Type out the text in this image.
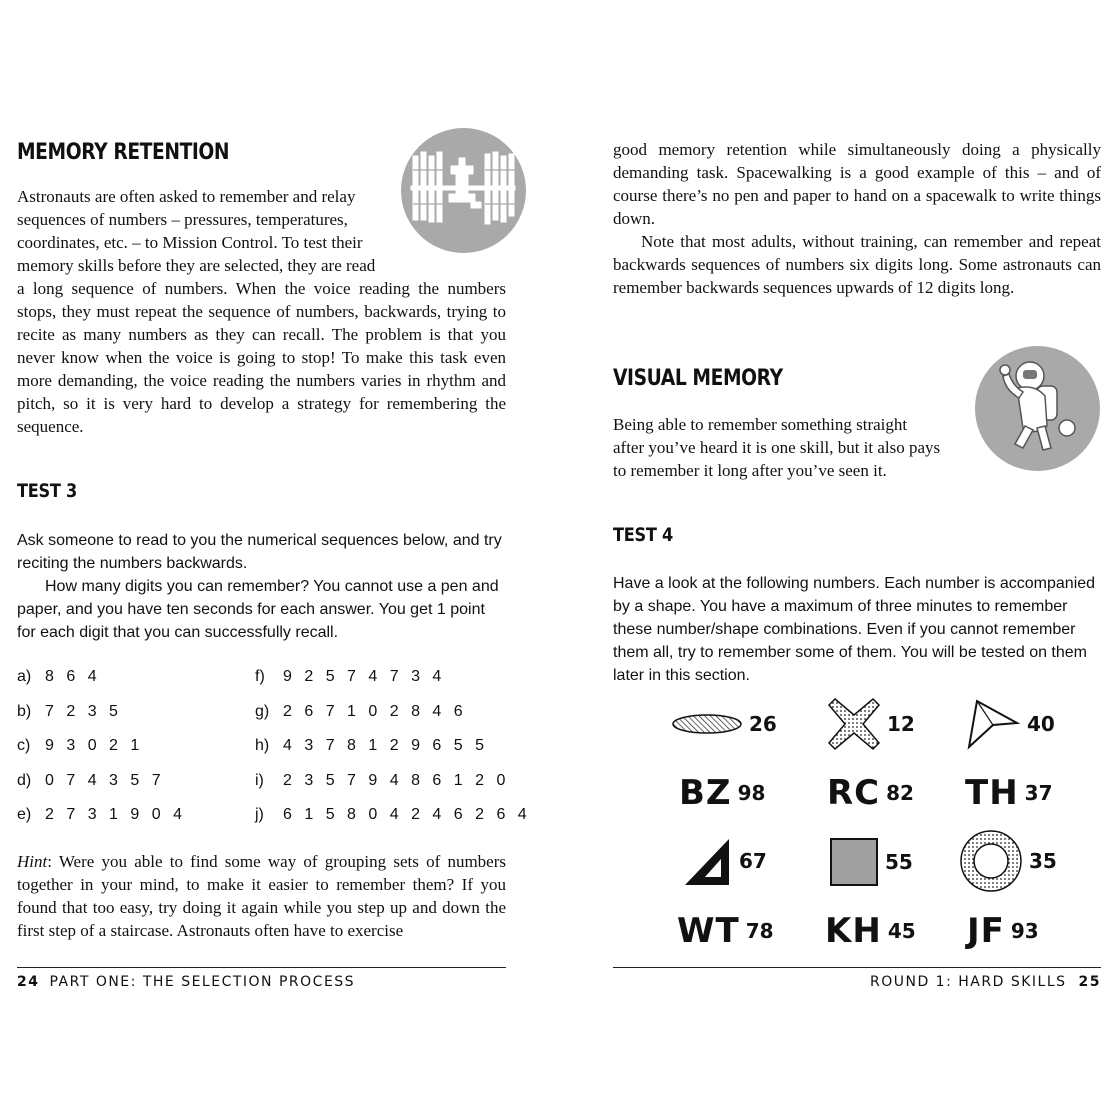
MEMORY RETENTION

Astronauts are often asked to remember and relay

sequences of numbers – pressures, temperatures,

coordinates, etc. – to Mission Control. To test their

memory skills before they are selected, they are read

a long sequence of numbers. When the voice reading the numbers stops, they must repeat the sequence of numbers, backwards, trying to recite as many numbers as they can recall. The problem is that you never know when the voice is going to stop! To make this task even more demanding, the voice reading the numbers varies in rhythm and pitch, so it is very hard to develop a strategy for remembering the sequence.

TEST 3

Ask someone to read to you the numerical sequences below, and try reciting the numbers backwards.

How many digits you can remember? You cannot use a pen and paper, and you have ten seconds for each answer. You get 1 point for each digit that you can successfully recall.

a) 8 6 4
b) 7 2 3 5
c) 9 3 0 2 1
d) 0 7 4 3 5 7
e) 2 7 3 1 9 0 4
f) 9 2 5 7 4 7 3 4
g) 2 6 7 1 0 2 8 4 6
h) 4 3 7 8 1 2 9 6 5 5
i) 2 3 5 7 9 4 8 6 1 2 0
j) 6 1 5 8 0 4 2 4 6 2 6 4

Hint: Were you able to find some way of grouping sets of numbers together in your mind, to make it easier to remember them? If you found that too easy, try doing it again while you step up and down the first step of a staircase. Astronauts often have to exercise

24 PART ONE: THE SELECTION PROCESS

good memory retention while simultaneously doing a physically demanding task. Spacewalking is a good example of this – and of course there’s no pen and paper to hand on a spacewalk to write things down.

Note that most adults, without training, can remember and repeat backwards sequences of numbers six digits long. Some astronauts can remember backwards sequences upwards of 12 digits long.

VISUAL MEMORY

Being able to remember something straight

after you’ve heard it is one skill, but it also pays

to remember it long after you’ve seen it.

TEST 4

Have a look at the following numbers. Each number is accompanied by a shape. You have a maximum of three minutes to remember these number/shape combinations. Even if you cannot remember them all, try to remember some of them. You will be tested on them later in this section.

26	12	40
BZ 98 RC 82 TH 37
67	55	35
WT 78 KH 45 JF 93
ROUND 1: HARD SKILLS 25
